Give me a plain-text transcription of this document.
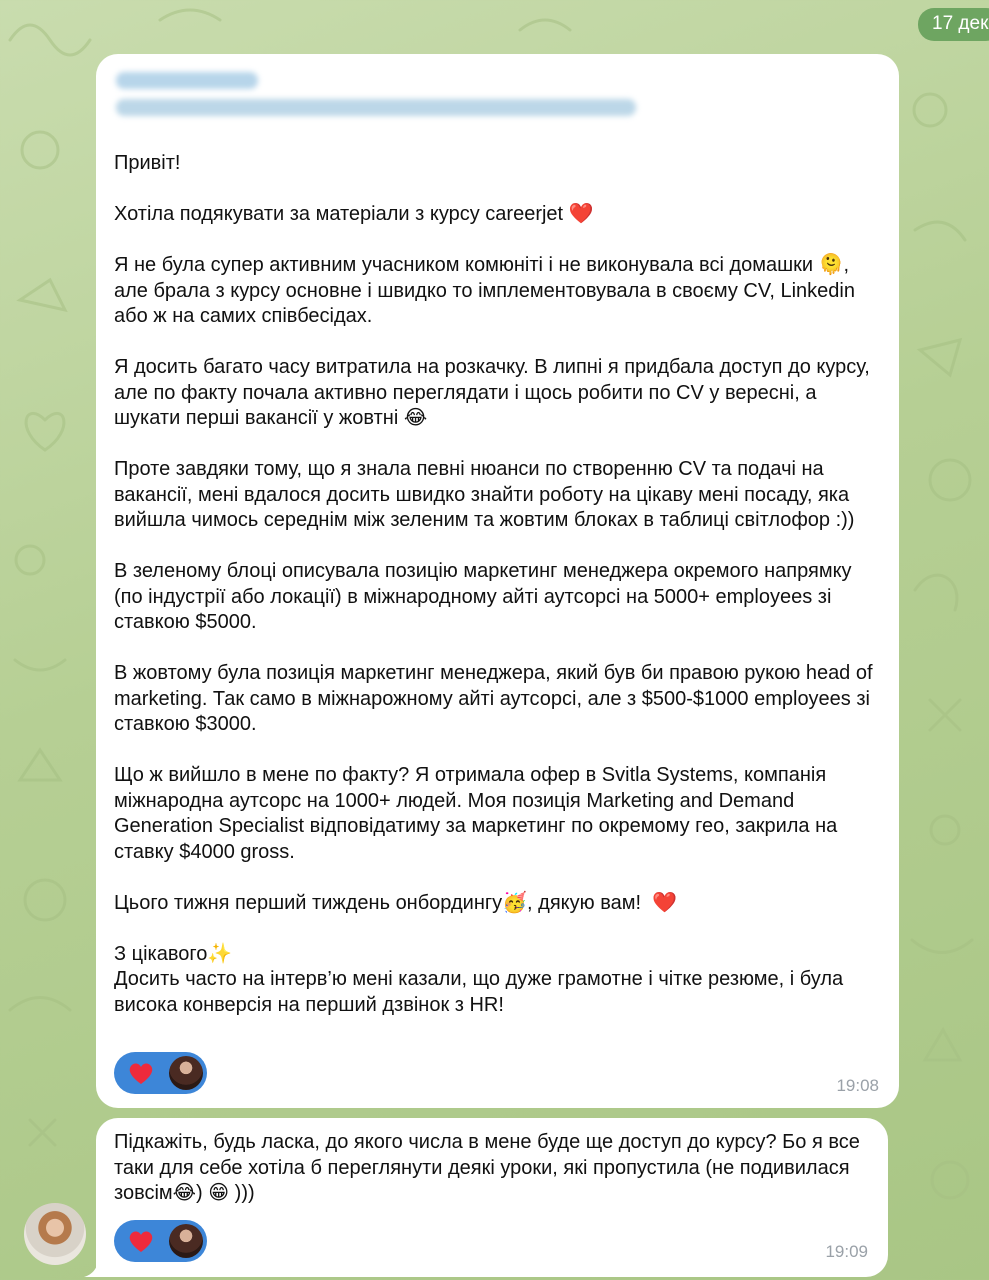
17 дек
Привіт!

Хотіла подякувати за матеріали з курсу careerjet ❤️

Я не була супер активним учасником комюніті і не виконувала всі домашки 🫠, але брала з курсу основне і швидко то імплементовувала в своєму CV, Linkedin або ж на самих співбесідах.

Я досить багато часу витратила на розкачку. В липні я придбала доступ до курсу, але по факту почала активно переглядати і щось робити по CV у вересні, а шукати перші вакансії у жовтні 😂

Проте завдяки тому, що я знала певні нюанси по створенню CV та подачі на вакансії, мені вдалося досить швидко знайти роботу на цікаву мені посаду, яка вийшла чимось середнім між зеленим та жовтим блоках в таблиці світлофор :))

В зеленому блоці описувала позицію маркетинг менеджера окремого напрямку (по індустрії або локації) в міжнародному айті аутсорсі на 5000+ employees зі ставкою $5000.

В жовтому була позиція маркетинг менеджера, який був би правою рукою head of marketing. Так само в міжнарожному айті аутсорсі, але з $500-$1000 employees зі ставкою $3000.

Що ж вийшло в мене по факту? Я отримала офер в Svitla Systems, компанія міжнародна аутсорс на 1000+ людей. Моя позиція Marketing and Demand Generation Specialist відповідатиму за маркетинг по окремому гео, закрила на ставку $4000 gross.

Цього тижня перший тиждень онбордингу🥳, дякую вам!  ❤️

З цікавого✨
Досить часто на інтерв’ю мені казали, що дуже грамотне і чітке резюме, і була висока конверсія на перший дзвінок з HR!
19:08
Підкажіть, будь ласка, до якого числа в мене буде ще доступ до курсу? Бо я все таки для себе хотіла б переглянути деякі уроки, які пропустила (не подивилася зовсім😂) 😁 )))
19:09
